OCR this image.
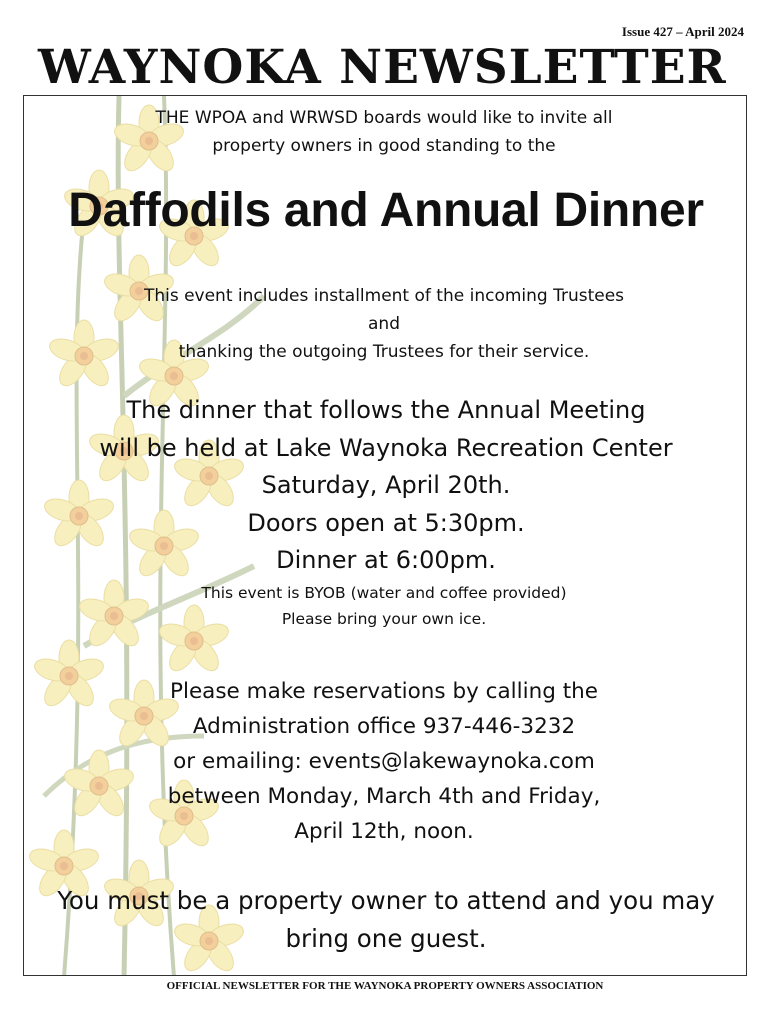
Issue 427 – April 2024
WAYNOKA NEWSLETTER
THE WPOA and WRWSD boards would like to invite all
property owners in good standing to the
Daffodils and Annual Dinner
This event includes installment of the incoming Trustees
and
thanking the outgoing Trustees for their service.
The dinner that follows the Annual Meeting
will be held at Lake Waynoka Recreation Center
Saturday, April 20th.
Doors open at 5:30pm.
Dinner at 6:00pm.
This event is BYOB (water and coffee provided)
Please bring your own ice.
Please make reservations by calling the
Administration office 937-446-3232
or emailing: events@lakewaynoka.com
between Monday, March 4th and Friday,
April 12th, noon.
You must be a property owner to attend and you may
bring one guest.
OFFICIAL NEWSLETTER FOR THE WAYNOKA PROPERTY OWNERS ASSOCIATION
